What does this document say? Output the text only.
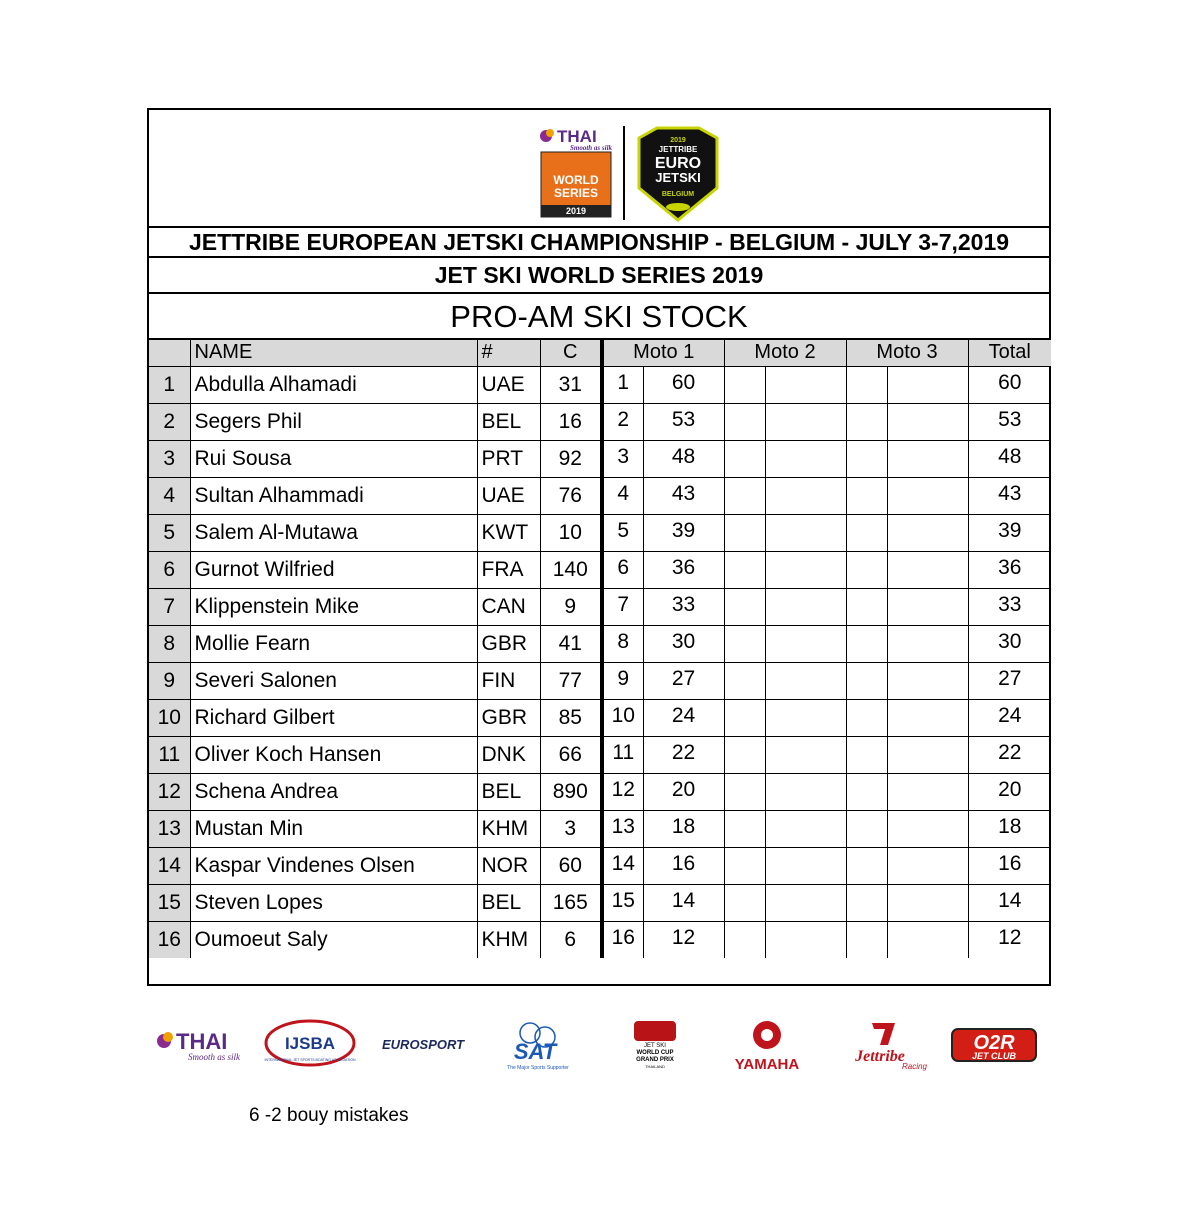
THAI
Smooth as silk
WORLD
SERIES
2019
2019
JETTRIBE
EURO
JETSKI
BELGIUM
JETTRIBE EUROPEAN JETSKI CHAMPIONSHIP - BELGIUM - JULY 3-7,2019
JET SKI WORLD SERIES 2019
PRO-AM SKI STOCK
	NAME	#	C	Moto 1		Moto 2		Moto 3		Total
1	Abdulla Alhamadi	UAE	31	1	60					60
2	Segers Phil	BEL	16	2	53					53
3	Rui Sousa	PRT	92	3	48					48
4	Sultan Alhammadi	UAE	76	4	43					43
5	Salem Al-Mutawa	KWT	10	5	39					39
6	Gurnot Wilfried	FRA	140	6	36					36
7	Klippenstein Mike	CAN	9	7	33					33
8	Mollie Fearn	GBR	41	8	30					30
9	Severi Salonen	FIN	77	9	27					27
10	Richard Gilbert	GBR	85	10	24					24
11	Oliver Koch Hansen	DNK	66	11	22					22
12	Schena Andrea	BEL	890	12	20					20
13	Mustan Min	KHM	3	13	18					18
14	Kaspar Vindenes Olsen	NOR	60	14	16					16
15	Steven Lopes	BEL	165	15	14					14
16	Oumoeut Saly	KHM	6	16	12					12
THAI
Smooth as silk
IJSBA
INTERNATIONAL JET SPORTS BOATING ASSOCIATION
EUROSPORT SAT
The Major Sports Supporter
JET SKI
WORLD CUP
GRAND PRIX
THAILAND	YAMAHA	Jettribe
Racing
O2R
JET CLUB
6 -2 bouy mistakes
